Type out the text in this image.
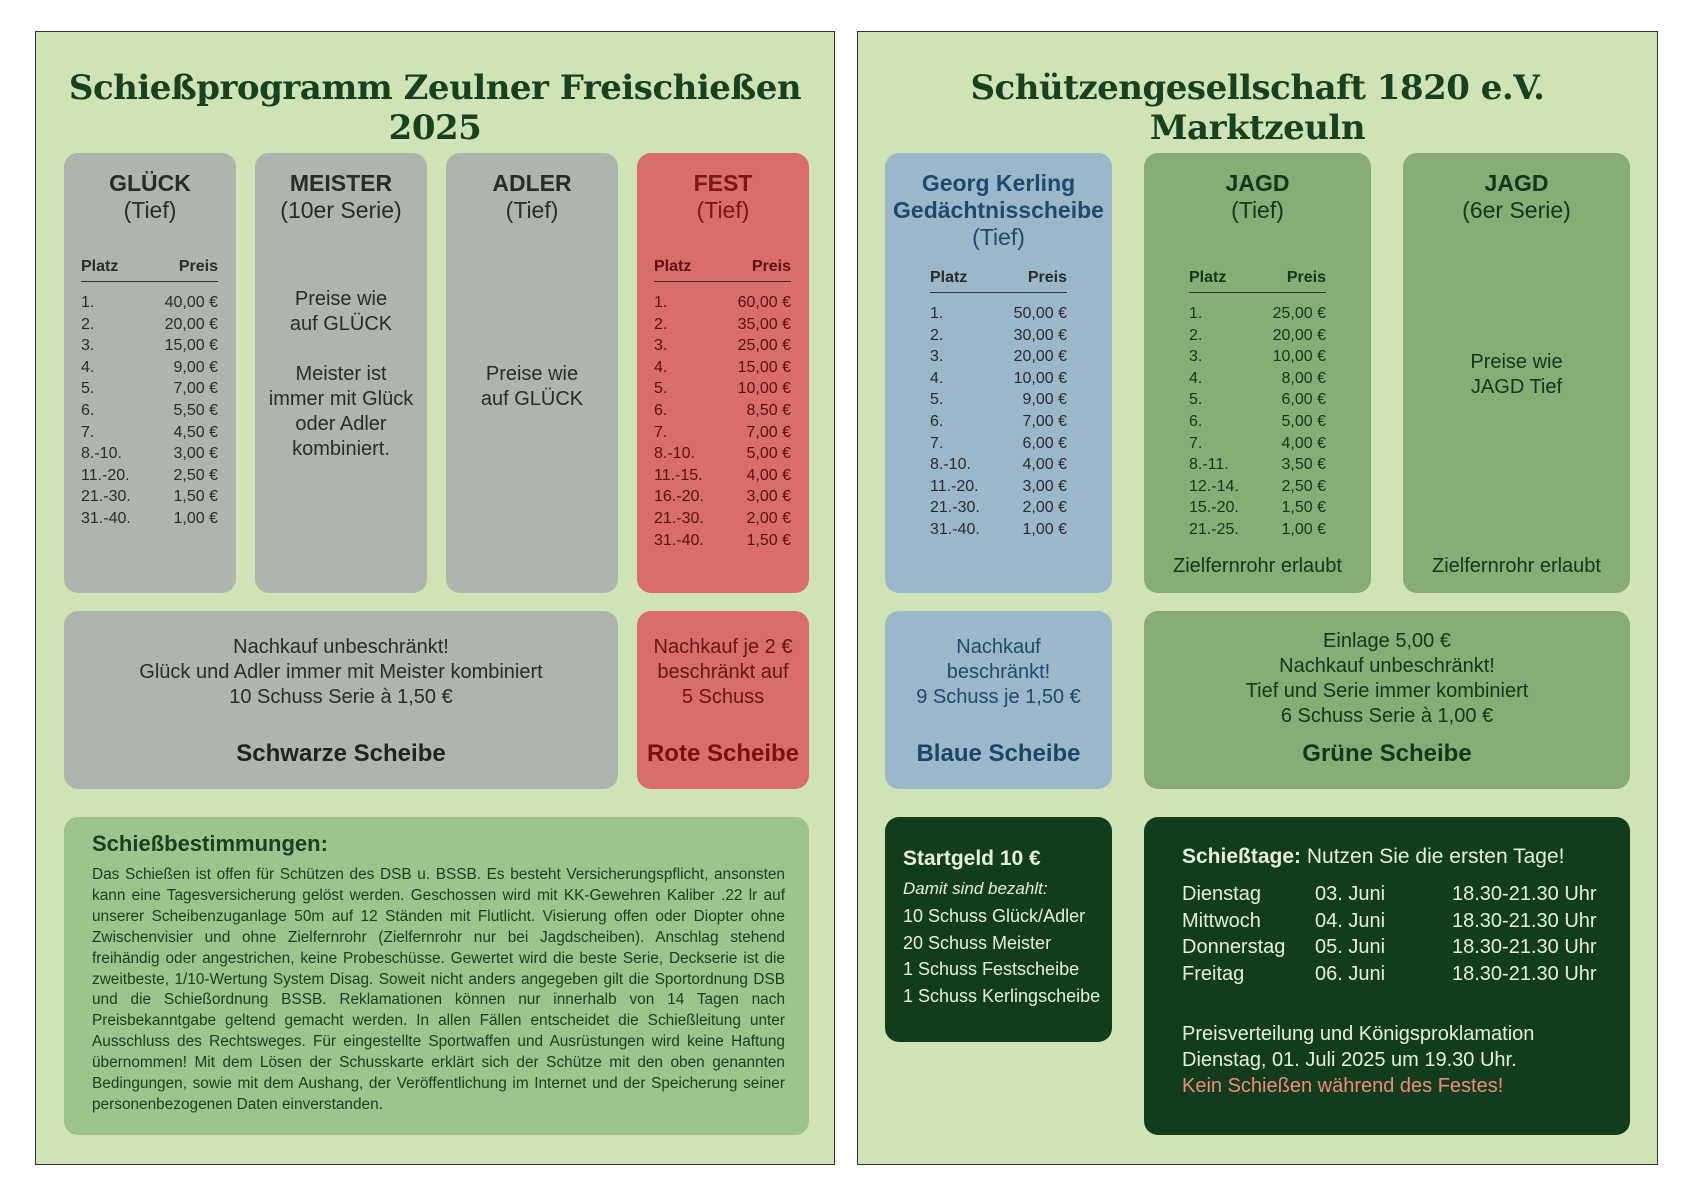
Schießprogramm Zeulner Freischießen 2025
GLÜCK
(Tief)
Platz	Preis
1.	40,00 €
2.	20,00 €
3.	15,00 €
4.	9,00 €
5.	7,00 €
6.	5,50 €
7.	4,50 €
8.-10.	3,00 €
11.-20.	2,50 €
21.-30.	1,50 €
31.-40.	1,00 €
MEISTER
(10er Serie)
Preise wie
auf GLÜCK

Meister ist
immer mit Glück
oder Adler
kombiniert.
ADLER
(Tief)
Preise wie
auf GLÜCK
FEST
(Tief)
Platz	Preis
1.	60,00 €
2.	35,00 €
3.	25,00 €
4.	15,00 €
5.	10,00 €
6.	8,50 €
7.	7,00 €
8.-10.	5,00 €
11.-15.	4,00 €
16.-20.	3,00 €
21.-30.	2,00 €
31.-40.	1,50 €
Nachkauf unbeschränkt!
Glück und Adler immer mit Meister kombiniert
10 Schuss Serie à 1,50 €
Schwarze Scheibe
Nachkauf je 2 €
beschränkt auf
5 Schuss
Rote Scheibe
Schießbestimmungen:
Das Schießen ist offen für Schützen des DSB u. BSSB. Es besteht Versicherungspflicht, ansonsten kann eine Tagesversicherung gelöst werden. Geschossen wird mit KK-Gewehren Kaliber .22 lr auf unserer Scheibenzuganlage 50m auf 12 Ständen mit Flutlicht. Visierung offen oder Diopter ohne Zwischenvisier und ohne Zielfernrohr (Zielfernrohr nur bei Jagdscheiben). Anschlag stehend freihändig oder angestrichen, keine Probeschüsse. Gewertet wird die beste Serie, Deckserie ist die zweitbeste, 1/10-Wertung System Disag. Soweit nicht anders angegeben gilt die Sportordnung DSB und die Schießordnung BSSB. Reklamationen können nur innerhalb von 14 Tagen nach Preisbekanntgabe geltend gemacht werden. In allen Fällen entscheidet die Schießleitung unter Ausschluss des Rechtsweges. Für eingestellte Sportwaffen und Ausrüstungen wird keine Haftung übernommen! Mit dem Lösen der Schusskarte erklärt sich der Schütze mit den oben genannten Bedingungen, sowie mit dem Aushang, der Veröffentlichung im Internet und der Speicherung seiner personenbezogenen Daten einverstanden.
Schützengesellschaft 1820 e.V. Marktzeuln
Georg Kerling
Gedächtnisscheibe
(Tief)
Platz	Preis
1.	50,00 €
2.	30,00 €
3.	20,00 €
4.	10,00 €
5.	9,00 €
6.	7,00 €
7.	6,00 €
8.-10.	4,00 €
11.-20.	3,00 €
21.-30.	2,00 €
31.-40.	1,00 €
JAGD
(Tief)
Platz	Preis
1.	25,00 €
2.	20,00 €
3.	10,00 €
4.	8,00 €
5.	6,00 €
6.	5,00 €
7.	4,00 €
8.-11.	3,50 €
12.-14.	2,50 €
15.-20.	1,50 €
21.-25.	1,00 €
Zielfernrohr erlaubt
JAGD
(6er Serie)
Preise wie
JAGD Tief
Zielfernrohr erlaubt
Nachkauf
beschränkt!
9 Schuss je 1,50 €
Blaue Scheibe
Einlage 5,00 €
Nachkauf unbeschränkt!
Tief und Serie immer kombiniert
6 Schuss Serie à 1,00 €
Grüne Scheibe
Startgeld 10 €
Damit sind bezahlt:
10 Schuss Glück/Adler
20 Schuss Meister
1 Schuss Festscheibe
1 Schuss Kerlingscheibe
Schießtage: Nutzen Sie die ersten Tage!
Dienstag	03. Juni	18.30-21.30 Uhr
Mittwoch	04. Juni	18.30-21.30 Uhr
Donnerstag	05. Juni	18.30-21.30 Uhr
Freitag	06. Juni	18.30-21.30 Uhr
Preisverteilung und Königsproklamation
Dienstag, 01. Juli 2025 um 19.30 Uhr.
Kein Schießen während des Festes!
